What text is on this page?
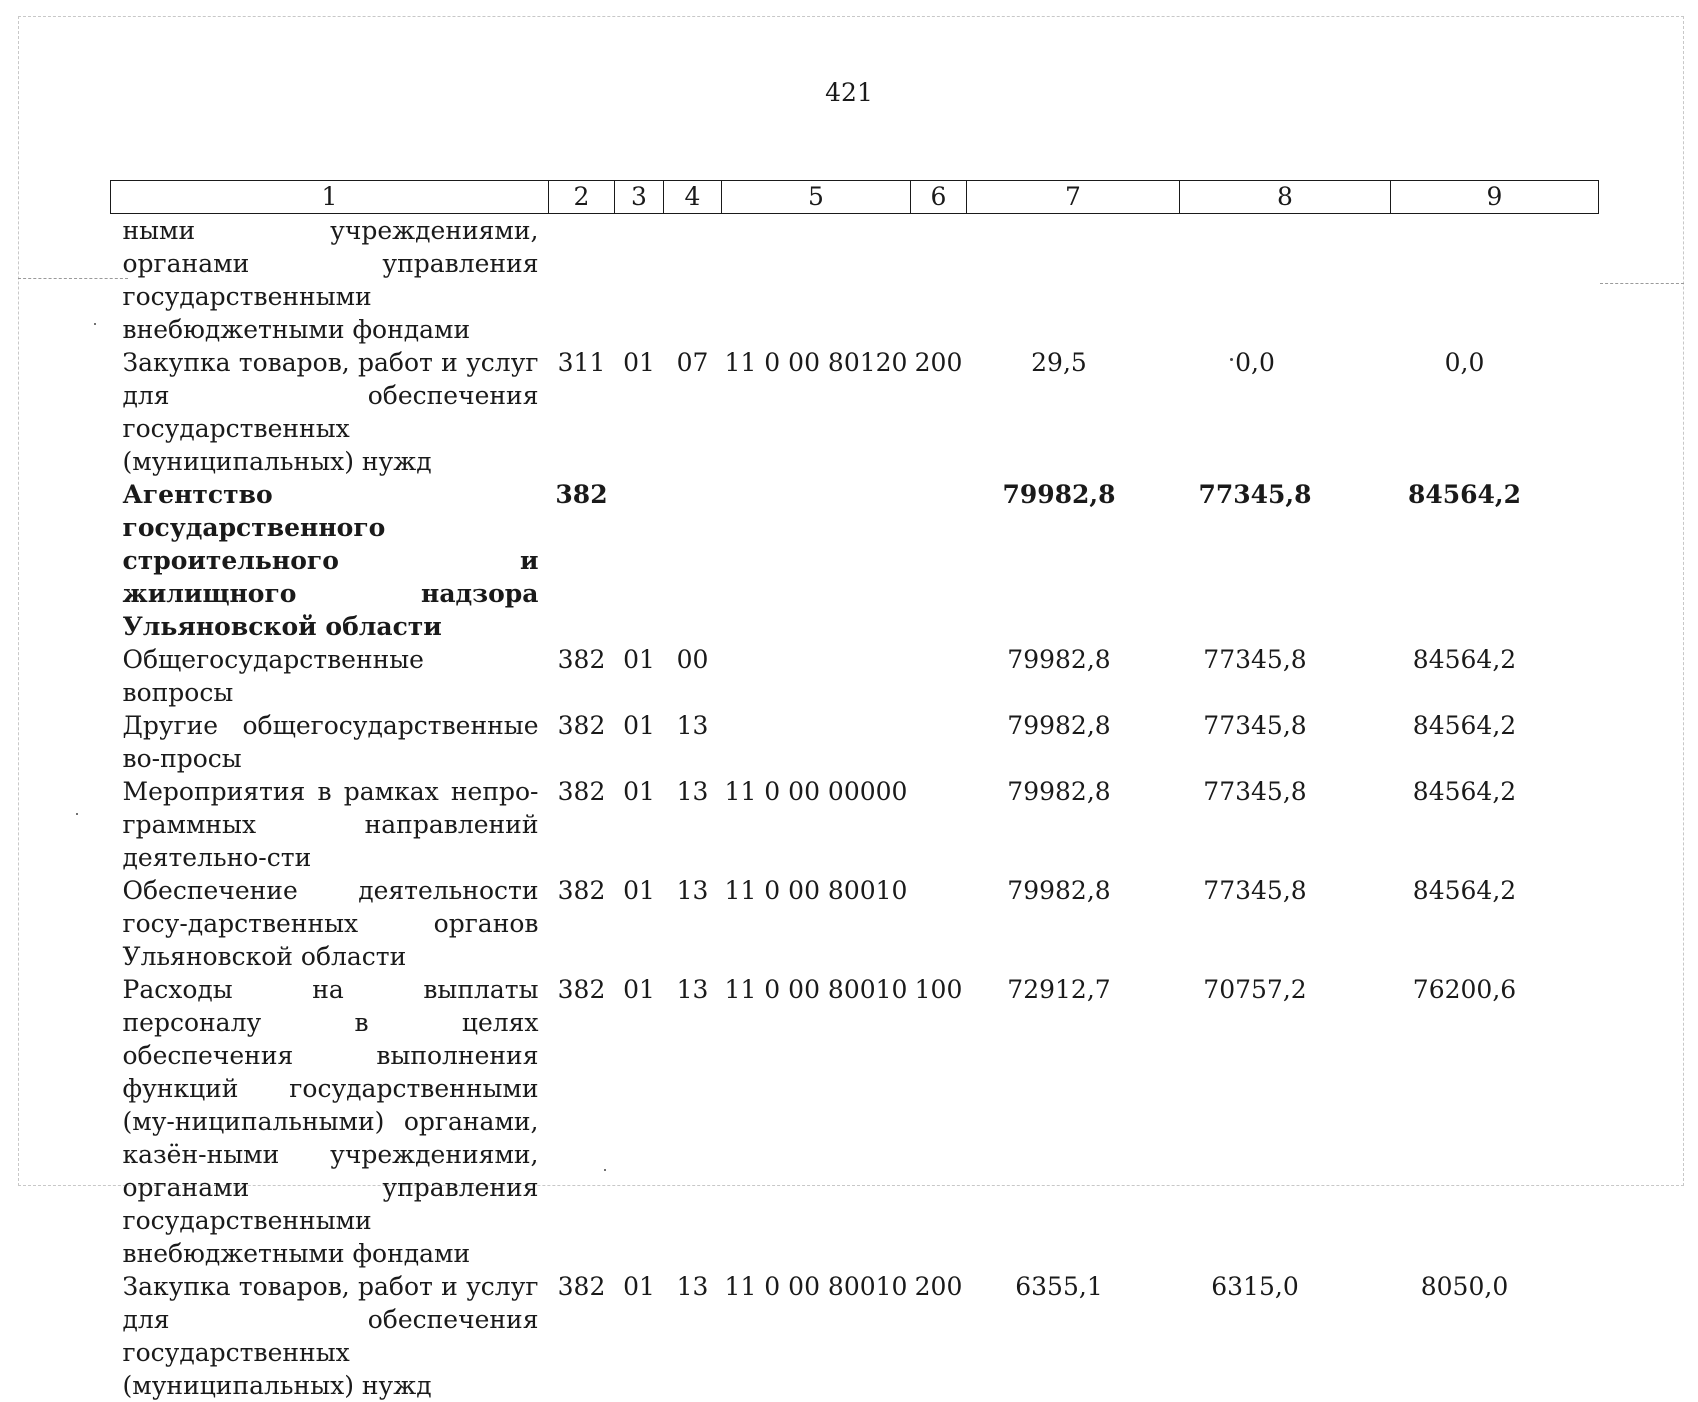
421
1	2	3	4	5	6	7	8	9
ными учреждениями, органами управления государственными внебюджетными фондами								
Закупка товаров, работ и услуг для обеспечения государственных (муниципальных) нужд	311	01	07	11 0 00 80120	200	29,5	0,0	0,0
Агентство государственного строительного и жилищного надзора Ульяновской области	382					79982,8	77345,8	84564,2
Общегосударственные вопросы	382	01	00			79982,8	77345,8	84564,2
Другие общегосударственные во-просы	382	01	13			79982,8	77345,8	84564,2
Мероприятия в рамках непро-граммных направлений деятельно-сти	382	01	13	11 0 00 00000		79982,8	77345,8	84564,2
Обеспечение деятельности госу-дарственных органов Ульяновской области	382	01	13	11 0 00 80010		79982,8	77345,8	84564,2
Расходы на выплаты персоналу в целях обеспечения выполнения функций государственными (му-ниципальными) органами, казён-ными учреждениями, органами управления государственными внебюджетными фондами	382	01	13	11 0 00 80010	100	72912,7	70757,2	76200,6
Закупка товаров, работ и услуг для обеспечения государственных (муниципальных) нужд	382	01	13	11 0 00 80010	200	6355,1	6315,0	8050,0
